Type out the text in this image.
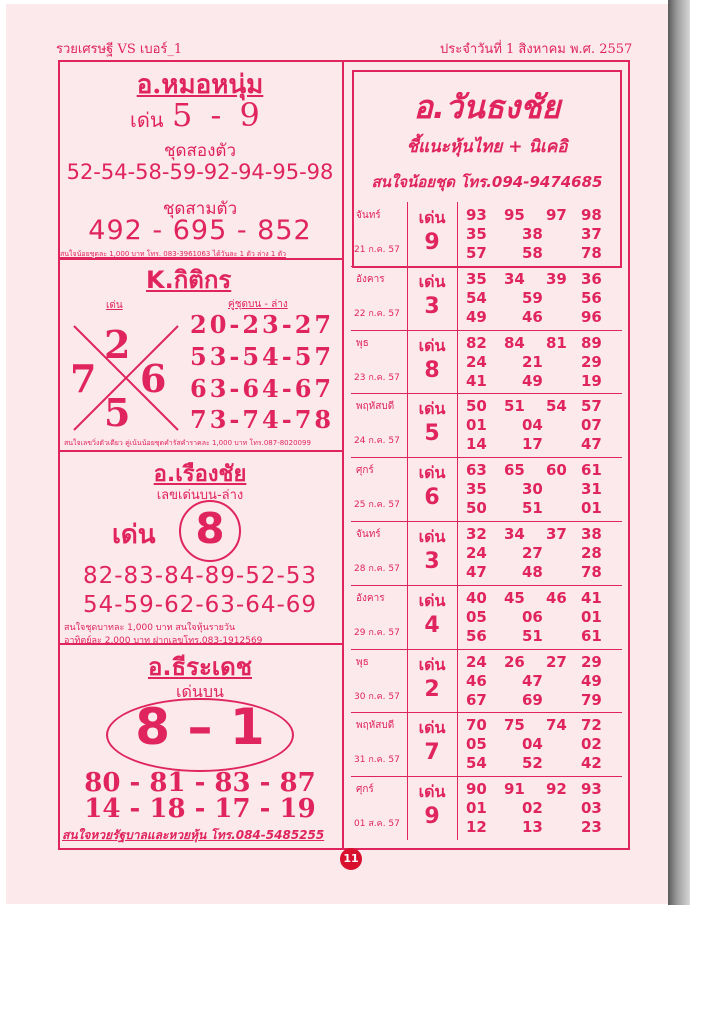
รวยเศรษฐี VS เบอร์_1	ประจำวันที่ 1 สิงหาคม พ.ศ. 2557
อ.หมอหนุ่ม
เด่น 5 - 9
ชุดสองตัว
52-54-58-59-92-94-95-98
ชุดสามตัว
492 - 695 - 852
สนใจน้อยชุดละ 1,000 บาท โทร. 083-3961063 ได้วันละ 1 ตัว ล่าง 1 ตัว
K.กิติกร
เด่น	คู่ชุดบน - ล่าง
2
7 6
5
20-23-27
53-54-57
63-64-67
73-74-78
สนใจเลขวิ่งตัวเดียว คู่เน้นน้อยชุดคำรัสคำราคละ 1,000 บาท โทร.087-8020099
อ.เรืองชัย
เลขเด่นบน-ล่าง
เด่น 8
82-83-84-89-52-53
54-59-62-63-64-69
สนใจชุดบาทละ 1,000 บาท สนใจหุ้นรายวัน
อาทิตย์ละ 2,000 บาท ฝากเลขโทร.083-1912569
อ.ธีระเดช
เด่นบน
8 – 1
80 - 81 - 83 - 87
14 - 18 - 17 - 19
สนใจหวยรัฐบาลและหวยหุ้น โทร.084-5485255
อ.วันธงชัย
ชี้แนะหุ้นไทย + นิเคอิ
สนใจน้อยชุด โทร.094-9474685
จันทร์
21 ก.ค. 57
เด่น
9
93 95 97 98
35 38	37
57 58	78
อังคาร
22 ก.ค. 57
เด่น
3
35 34 39 36
54 59	56
49 46	96
พุธ
23 ก.ค. 57
เด่น
8
82 84 81 89
24 21	29
41 49	19
พฤหัสบดี
24 ก.ค. 57
เด่น
5
50 51 54 57
01 04	07
14 17	47
ศุกร์
25 ก.ค. 57
เด่น
6
63 65 60 61
35 30	31
50 51	01
จันทร์
28 ก.ค. 57
เด่น
3
32 34 37 38
24 27	28
47 48	78
อังคาร
29 ก.ค. 57
เด่น
4
40 45 46 41
05 06	01
56 51	61
พุธ
30 ก.ค. 57
เด่น
2
24 26 27 29
46 47	49
67 69	79
พฤหัสบดี
31 ก.ค. 57
เด่น
7
70 75 74 72
05 04	02
54 52	42
ศุกร์
01 ส.ค. 57
เด่น
9
90 91 92 93
01 02	03
12 13	23
11
